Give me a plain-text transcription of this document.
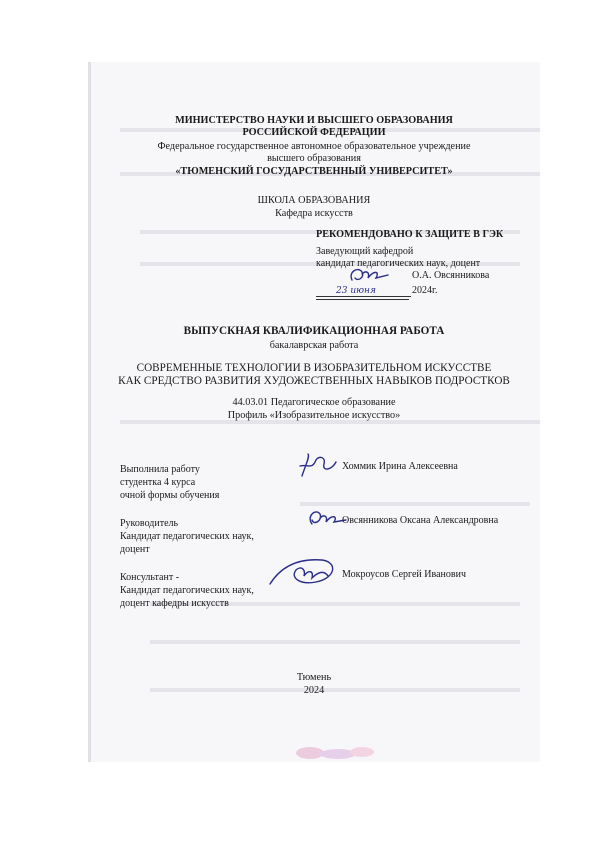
МИНИСТЕРСТВО НАУКИ И ВЫСШЕГО ОБРАЗОВАНИЯ
РОССИЙСКОЙ ФЕДЕРАЦИИ
Федеральное государственное автономное образовательное учреждение
высшего образования
«ТЮМЕНСКИЙ ГОСУДАРСТВЕННЫЙ УНИВЕРСИТЕТ»
ШКОЛА ОБРАЗОВАНИЯ
Кафедра искусств
РЕКОМЕНДОВАНО К ЗАЩИТЕ В ГЭК
Заведующий кафедрой
кандидат педагогических наук, доцент
О.А. Овсянникова
23 июня	2024г.
ВЫПУСКНАЯ КВАЛИФИКАЦИОННАЯ РАБОТА
бакалаврская работа
СОВРЕМЕННЫЕ ТЕХНОЛОГИИ В ИЗОБРАЗИТЕЛЬНОМ ИСКУССТВЕ
КАК СРЕДСТВО РАЗВИТИЯ ХУДОЖЕСТВЕННЫХ НАВЫКОВ ПОДРОСТКОВ
44.03.01 Педагогическое образование
Профиль «Изобразительное искусство»
Выполнила работу
студентка 4 курса
очной формы обучения
Хоммик Ирина Алексеевна
Руководитель
Кандидат педагогических наук,
доцент
Овсянникова Оксана Александровна
Консультант -
Кандидат педагогических наук,
доцент кафедры искусств
Мокроусов Сергей Иванович
Тюмень
2024
